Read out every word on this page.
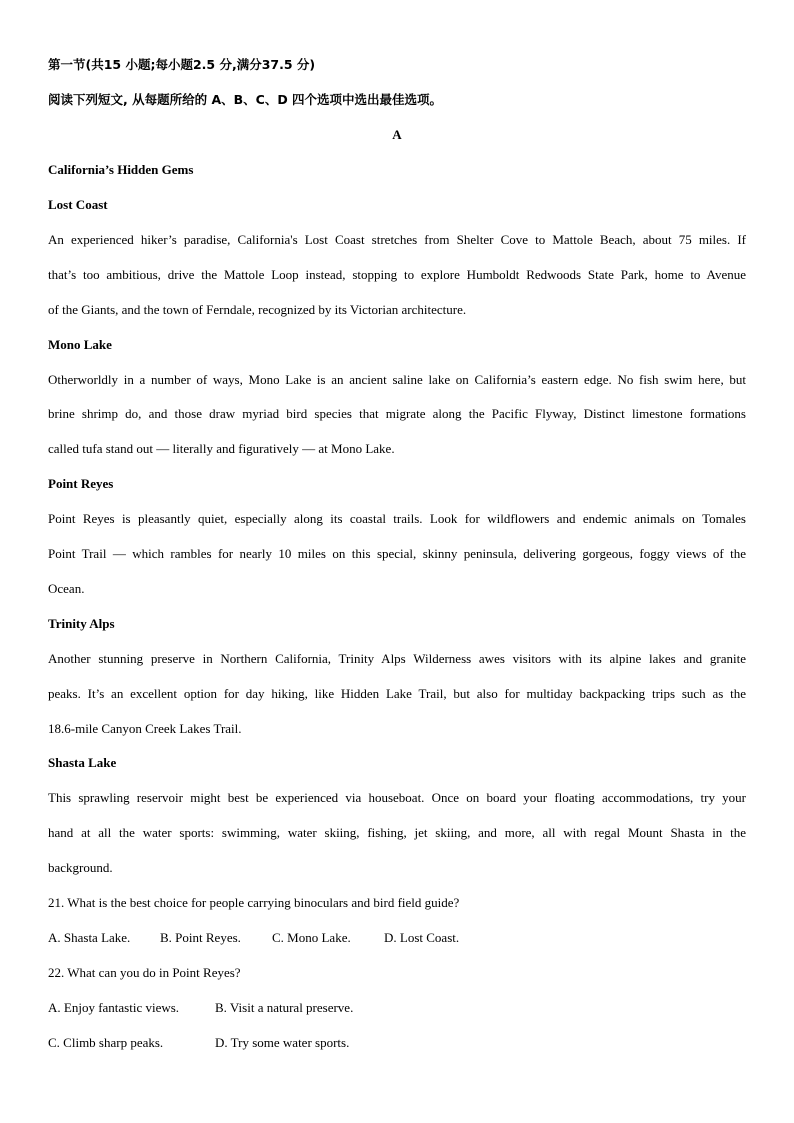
第一节(共15 小题;每小题2.5 分,满分37.5 分)
阅读下列短文, 从每题所给的 A、B、C、D 四个选项中选出最佳选项。
A
California’s Hidden Gems
Lost Coast
An experienced hiker’s paradise, California's Lost Coast stretches from Shelter Cove to Mattole Beach, about 75 miles. If
that’s too ambitious, drive the Mattole Loop instead, stopping to explore Humboldt Redwoods State Park, home to Avenue
of the Giants, and the town of Ferndale, recognized by its Victorian architecture.
Mono Lake
Otherworldly in a number of ways, Mono Lake is an ancient saline lake on California’s eastern edge. No fish swim here, but
brine shrimp do, and those draw myriad bird species that migrate along the Pacific Flyway, Distinct limestone formations
called tufa stand out — literally and figuratively — at Mono Lake.
Point Reyes
Point Reyes is pleasantly quiet, especially along its coastal trails. Look for wildflowers and endemic animals on Tomales
Point Trail — which rambles for nearly 10 miles on this special, skinny peninsula, delivering gorgeous, foggy views of the
Ocean.
Trinity Alps
Another stunning preserve in Northern California, Trinity Alps Wilderness awes visitors with its alpine lakes and granite
peaks. It’s an excellent option for day hiking, like Hidden Lake Trail, but also for multiday backpacking trips such as the
18.6-mile Canyon Creek Lakes Trail.
Shasta Lake
This sprawling reservoir might best be experienced via houseboat. Once on board your floating accommodations, try your
hand at all the water sports: swimming, water skiing, fishing, jet skiing, and more, all with regal Mount Shasta in the
background.
21. What is the best choice for people carrying binoculars and bird field guide?
A. Shasta Lake. B. Point Reyes. C. Mono Lake.	D. Lost Coast.
22. What can you do in Point Reyes?
A. Enjoy fantastic views.	B. Visit a natural preserve.
C. Climb sharp peaks.	D. Try some water sports.
